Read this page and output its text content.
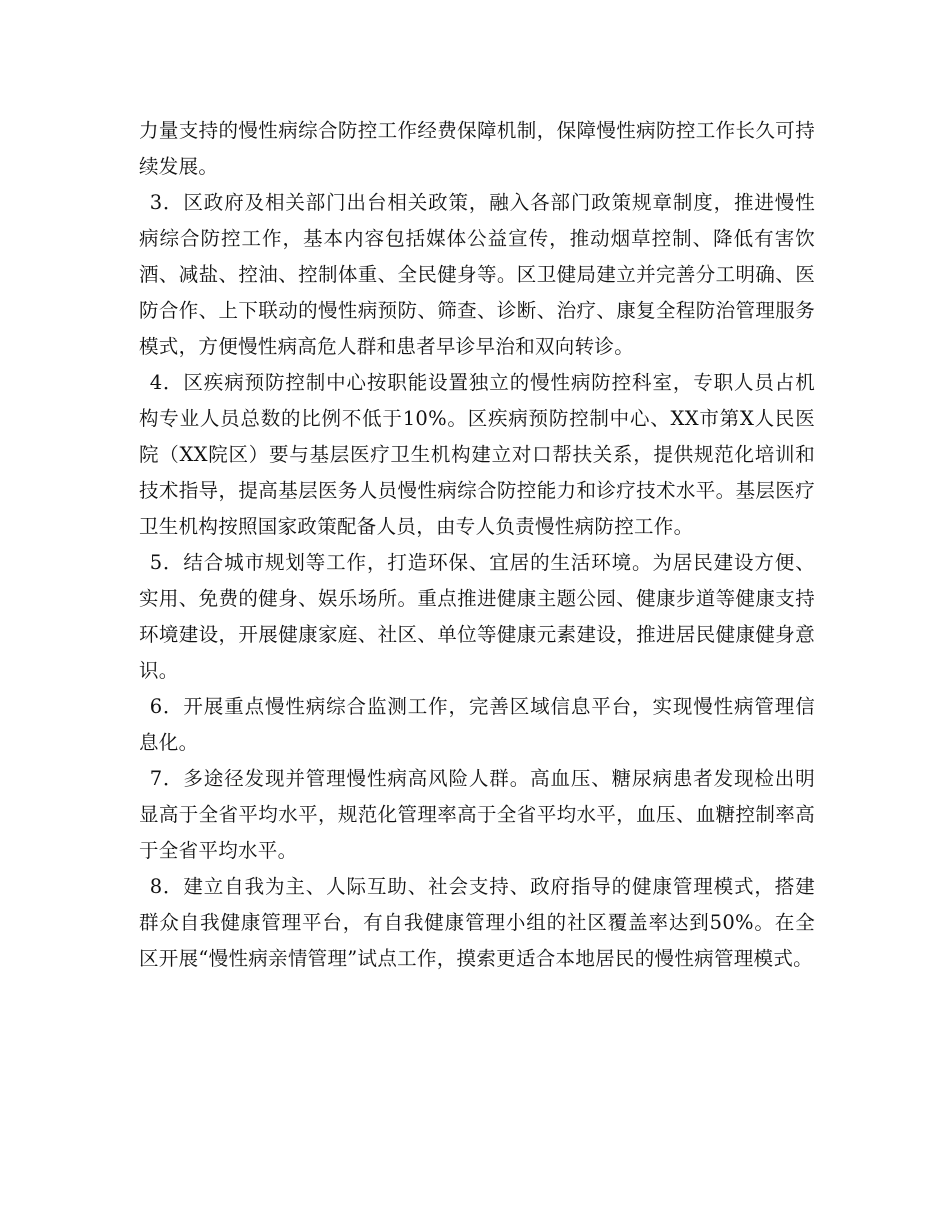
力量支持的慢性病综合防控工作经费保障机制，保障慢性病防控工作长久可持续发展。

3．区政府及相关部门出台相关政策，融入各部门政策规章制度，推进慢性病综合防控工作，基本内容包括媒体公益宣传，推动烟草控制、降低有害饮酒、减盐、控油、控制体重、全民健身等。区卫健局建立并完善分工明确、医防合作、上下联动的慢性病预防、筛查、诊断、治疗、康复全程防治管理服务模式，方便慢性病高危人群和患者早诊早治和双向转诊。

4．区疾病预防控制中心按职能设置独立的慢性病防控科室，专职人员占机构专业人员总数的比例不低于10%。区疾病预防控制中心、XX市第X人民医院（XX院区）要与基层医疗卫生机构建立对口帮扶关系，提供规范化培训和技术指导，提高基层医务人员慢性病综合防控能力和诊疗技术水平。基层医疗卫生机构按照国家政策配备人员，由专人负责慢性病防控工作。

5．结合城市规划等工作，打造环保、宜居的生活环境。为居民建设方便、实用、免费的健身、娱乐场所。重点推进健康主题公园、健康步道等健康支持环境建设，开展健康家庭、社区、单位等健康元素建设，推进居民健康健身意识。

6．开展重点慢性病综合监测工作，完善区域信息平台，实现慢性病管理信息化。

7．多途径发现并管理慢性病高风险人群。高血压、糖尿病患者发现检出明显高于全省平均水平，规范化管理率高于全省平均水平，血压、血糖控制率高于全省平均水平。

8．建立自我为主、人际互助、社会支持、政府指导的健康管理模式，搭建群众自我健康管理平台，有自我健康管理小组的社区覆盖率达到50%。在全区开展“慢性病亲情管理”试点工作，摸索更适合本地居民的慢性病管理模式。
